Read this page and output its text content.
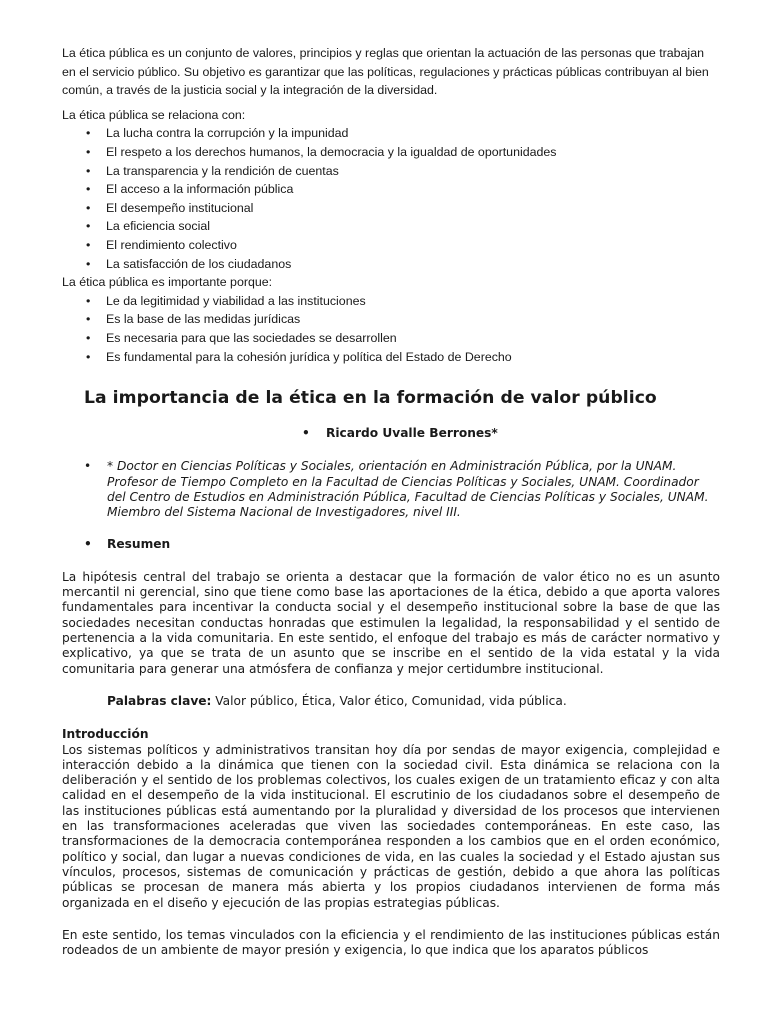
La ética pública es un conjunto de valores, principios y reglas que orientan la actuación de las personas que trabajan en el servicio público. Su objetivo es garantizar que las políticas, regulaciones y prácticas públicas contribuyan al bien común, a través de la justicia social y la integración de la diversidad.

La ética pública se relaciona con:

• La lucha contra la corrupción y la impunidad
• El respeto a los derechos humanos, la democracia y la igualdad de oportunidades
• La transparencia y la rendición de cuentas
• El acceso a la información pública
• El desempeño institucional
• La eficiencia social
• El rendimiento colectivo
• La satisfacción de los ciudadanos

La ética pública es importante porque:

• Le da legitimidad y viabilidad a las instituciones
• Es la base de las medidas jurídicas
• Es necesaria para que las sociedades se desarrollen
• Es fundamental para la cohesión jurídica y política del Estado de Derecho
La importancia de la ética en la formación de valor público
• Ricardo Uvalle Berrones*
• * Doctor en Ciencias Políticas y Sociales, orientación en Administración Pública, por la UNAM. Profesor de Tiempo Completo en la Facultad de Ciencias Políticas y Sociales, UNAM. Coordinador del Centro de Estudios en Administración Pública, Facultad de Ciencias Políticas y Sociales, UNAM. Miembro del Sistema Nacional de Investigadores, nivel III.
• Resumen

La hipótesis central del trabajo se orienta a destacar que la formación de valor ético no es un asunto mercantil ni gerencial, sino que tiene como base las aportaciones de la ética, debido a que aporta valores fundamentales para incentivar la conducta social y el desempeño institucional sobre la base de que las sociedades necesitan conductas honradas que estimulen la legalidad, la responsabilidad y el sentido de pertenencia a la vida comunitaria. En este sentido, el enfoque del trabajo es más de carácter normativo y explicativo, ya que se trata de un asunto que se inscribe en el sentido de la vida estatal y la vida comunitaria para generar una atmósfera de confianza y mejor certidumbre institucional.

Palabras clave: Valor público, Ética, Valor ético, Comunidad, vida pública.

Introducción

Los sistemas políticos y administrativos transitan hoy día por sendas de mayor exigencia, complejidad e interacción debido a la dinámica que tienen con la sociedad civil. Esta dinámica se relaciona con la deliberación y el sentido de los problemas colectivos, los cuales exigen de un tratamiento eficaz y con alta calidad en el desempeño de la vida institucional. El escrutinio de los ciudadanos sobre el desempeño de las instituciones públicas está aumentando por la pluralidad y diversidad de los procesos que intervienen en las transformaciones aceleradas que viven las sociedades contemporáneas. En este caso, las transformaciones de la democracia contemporánea responden a los cambios que en el orden económico, político y social, dan lugar a nuevas condiciones de vida, en las cuales la sociedad y el Estado ajustan sus vínculos, procesos, sistemas de comunicación y prácticas de gestión, debido a que ahora las políticas públicas se procesan de manera más abierta y los propios ciudadanos intervienen de forma más organizada en el diseño y ejecución de las propias estrategias públicas.

En este sentido, los temas vinculados con la eficiencia y el rendimiento de las instituciones públicas están rodeados de un ambiente de mayor presión y exigencia, lo que indica que los aparatos públicos
